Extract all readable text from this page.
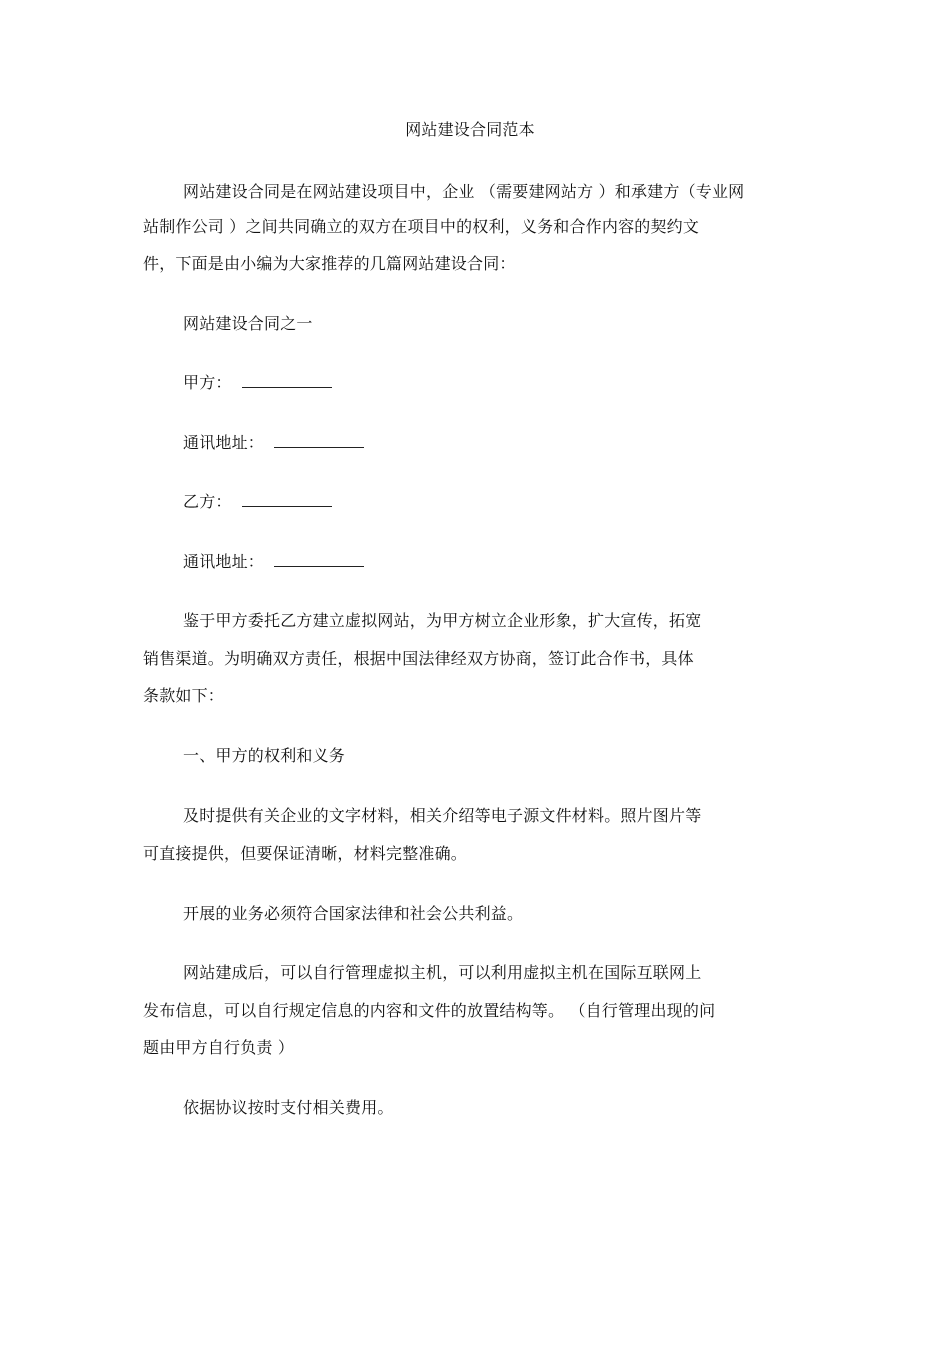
网站建设合同范本
网站建设合同是在网站建设项目中，企业 （需要建网站方 ）和承建方（专业网
站制作公司 ）之间共同确立的双方在项目中的权利，义务和合作内容的契约文
件，下面是由小编为大家推荐的几篇网站建设合同：
网站建设合同之一
甲方：
通讯地址：
乙方：
通讯地址：
鉴于甲方委托乙方建立虚拟网站，为甲方树立企业形象，扩大宣传，拓宽
销售渠道。为明确双方责任，根据中国法律经双方协商，签订此合作书，具体
条款如下：
一、甲方的权利和义务
及时提供有关企业的文字材料，相关介绍等电子源文件材料。照片图片等
可直接提供，但要保证清晰，材料完整准确。
开展的业务必须符合国家法律和社会公共利益。
网站建成后，可以自行管理虚拟主机，可以利用虚拟主机在国际互联网上
发布信息，可以自行规定信息的内容和文件的放置结构等。 （自行管理出现的问
题由甲方自行负责 ）
依据协议按时支付相关费用。
